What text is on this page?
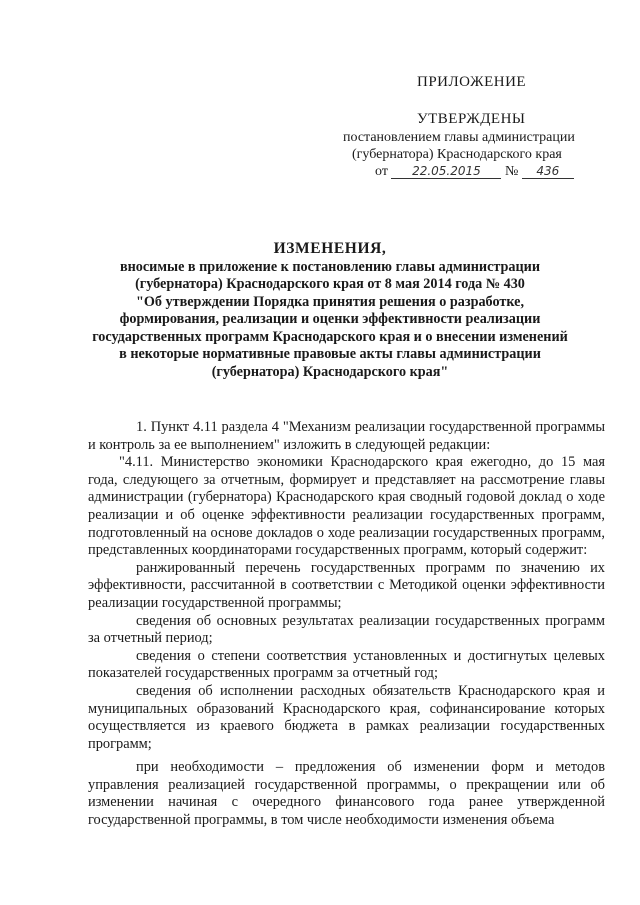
ПРИЛОЖЕНИЕ
УТВЕРЖДЕНЫ
постановлением главы администрации
(губернатора) Краснодарского края
от 22.05.2015 № 436
ИЗМЕНЕНИЯ,
вносимые в приложение к постановлению главы администрации
(губернатора) Краснодарского края от 8 мая 2014 года № 430
"Об утверждении Порядка принятия решения о разработке,
формирования, реализации и оценки эффективности реализации
государственных программ Краснодарского края и о внесении изменений
в некоторые нормативные правовые акты главы администрации
(губернатора) Краснодарского края"

1. Пункт 4.11 раздела 4 "Механизм реализации государственной программы и контроль за ее выполнением" изложить в следующей редакции:

"4.11. Министерство экономики Краснодарского края ежегодно, до 15 мая года, следующего за отчетным, формирует и представляет на рассмотрение главы администрации (губернатора) Краснодарского края сводный годовой доклад о ходе реализации и об оценке эффективности реализации государственных программ, подготовленный на основе докладов о ходе реализации государственных программ, представленных координаторами государственных программ, который содержит:

ранжированный перечень государственных программ по значению их эффективности, рассчитанной в соответствии с Методикой оценки эффективности реализации государственной программы;

сведения об основных результатах реализации государственных программ за отчетный период;

сведения о степени соответствия установленных и достигнутых целевых показателей государственных программ за отчетный год;

сведения об исполнении расходных обязательств Краснодарского края и муниципальных образований Краснодарского края, софинансирование которых осуществляется из краевого бюджета в рамках реализации государственных программ;

при необходимости – предложения об изменении форм и методов управления реализацией государственной программы, о прекращении или об изменении начиная с очередного финансового года ранее утвержденной государственной программы, в том числе необходимости изменения объема
